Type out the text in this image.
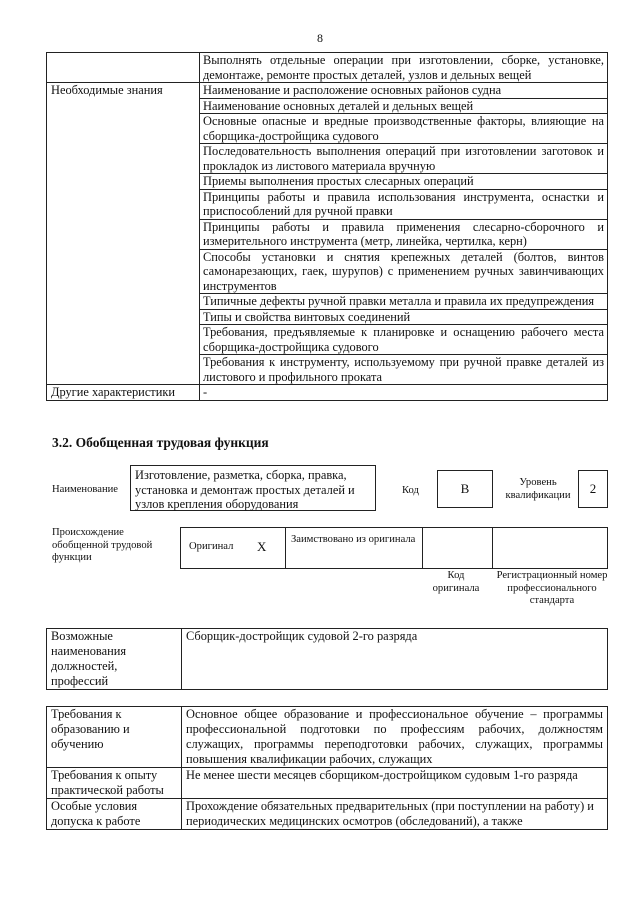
8
	Выполнять отдельные операции при изготовлении, сборке, установке, демонтаже, ремонте простых деталей, узлов и дельных вещей
Необходимые знания	Наименование и расположение основных районов судна
	Наименование основных деталей и дельных вещей
	Основные опасные и вредные производственные факторы, влияющие на сборщика-достройщика судового
	Последовательность выполнения операций при изготовлении заготовок и прокладок из листового материала вручную
	Приемы выполнения простых слесарных операций
	Принципы работы и правила использования инструмента, оснастки и приспособлений для ручной правки
	Принципы работы и правила применения слесарно-сборочного и измерительного инструмента (метр, линейка, чертилка, керн)
	Способы установки и снятия крепежных деталей (болтов, винтов самонарезающих, гаек, шурупов) с применением ручных завинчивающих инструментов
	Типичные дефекты ручной правки металла и правила их предупреждения
	Типы и свойства винтовых соединений
	Требования, предъявляемые к планировке и оснащению рабочего места сборщика-достройщика судового
	Требования к инструменту, используемому при ручной правке деталей из листового и профильного проката
Другие характеристики	-
3.2. Обобщенная трудовая функция
Наименование
Изготовление, разметка, сборка, правка, установка и демонтаж простых деталей и узлов крепления оборудования
Код	B	Уровень квалификации	2
Происхождение обобщенной трудовой функции
Оригинал X Заимствовано из оригинала
Код оригинала
Регистрационный номер профессионального стандарта
Возможные наименования должностей, профессий	Сборщик-достройщик судовой 2-го разряда
Требования к образованию и обучению	Основное общее образование и профессиональное обучение – программы профессиональной подготовки по профессиям рабочих, должностям служащих, программы переподготовки рабочих, служащих, программы повышения квалификации рабочих, служащих
Требования к опыту практической работы	Не менее шести месяцев сборщиком-достройщиком судовым 1-го разряда
Особые условия допуска к работе	Прохождение обязательных предварительных (при поступлении на работу) и периодических медицинских осмотров (обследований), а также
